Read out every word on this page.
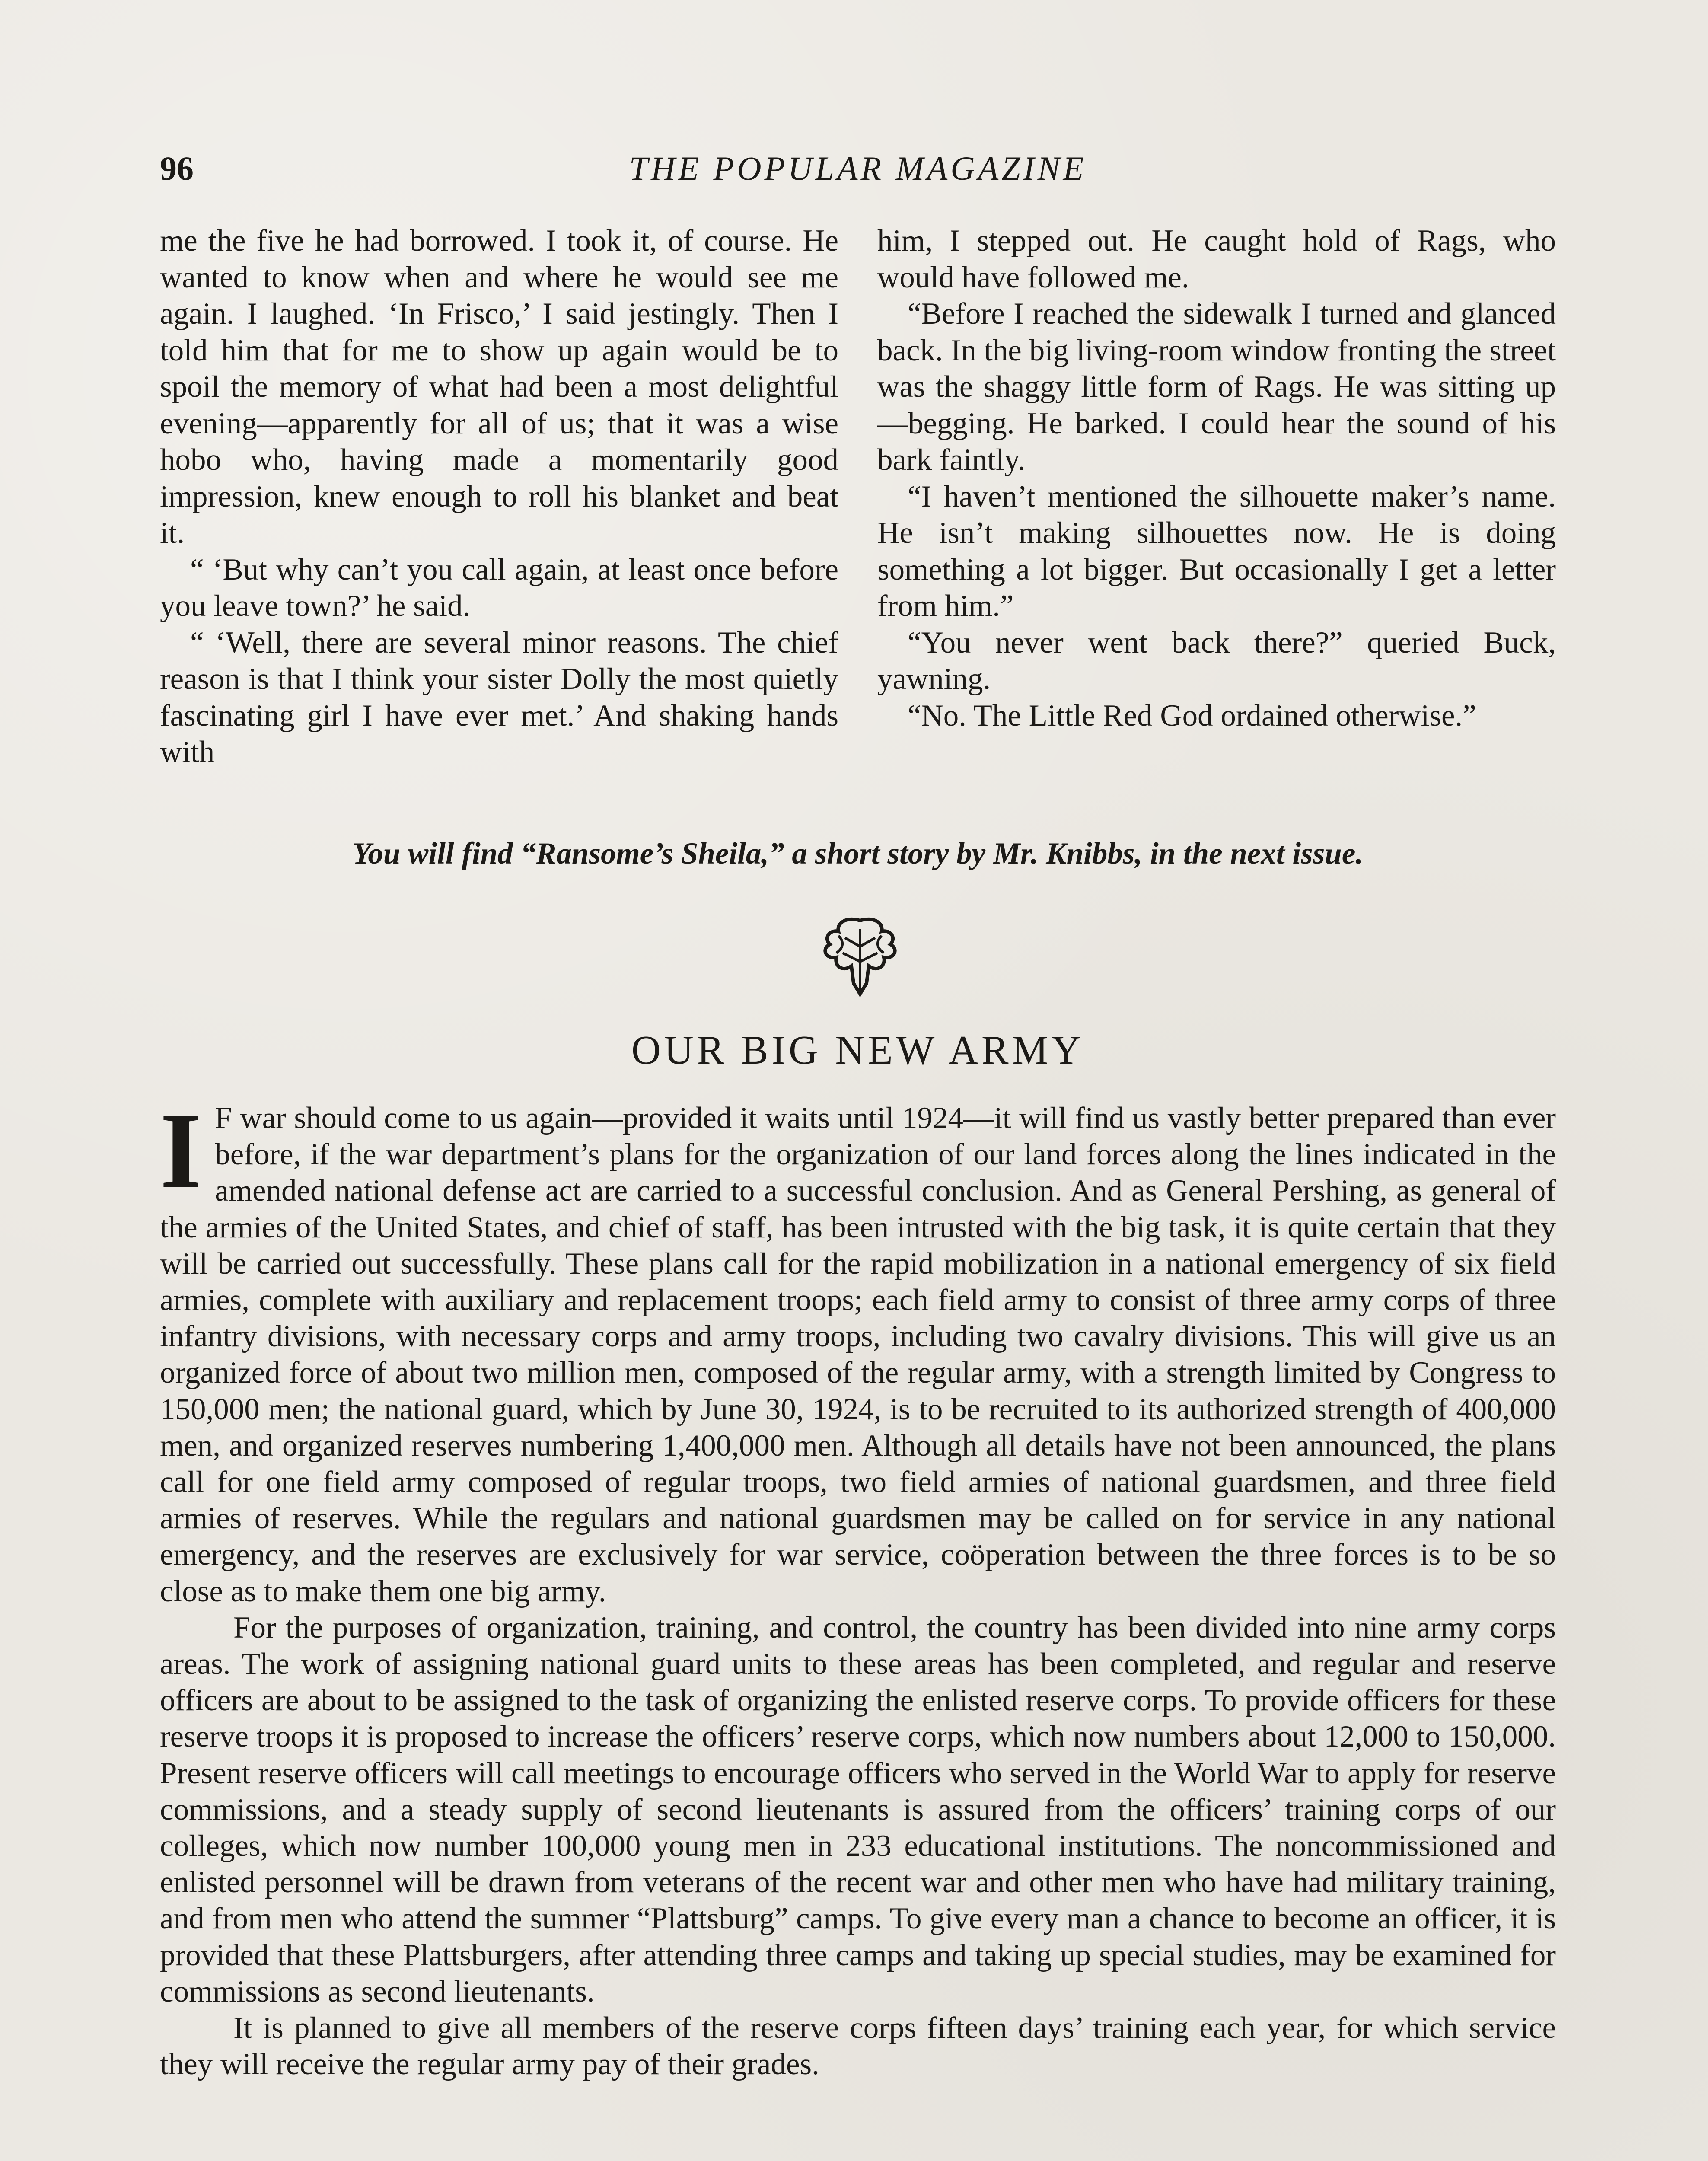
96	THE POPULAR MAGAZINE

me the five he had borrowed. I took it, of course. He wanted to know when and where he would see me again. I laughed. ‘In Frisco,’ I said jestingly. Then I told him that for me to show up again would be to spoil the memory of what had been a most delightful evening—apparently for all of us; that it was a wise hobo who, having made a momentarily good impression, knew enough to roll his blanket and beat it.

“ ‘But why can’t you call again, at least once before you leave town?’ he said.

“ ‘Well, there are several minor reasons. The chief reason is that I think your sister Dolly the most quietly fascinating girl I have ever met.’ And shaking hands with

him, I stepped out. He caught hold of Rags, who would have followed me.

“Before I reached the sidewalk I turned and glanced back. In the big living-room window fronting the street was the shaggy little form of Rags. He was sitting up—begging. He barked. I could hear the sound of his bark faintly.

“I haven’t mentioned the silhouette maker’s name. He isn’t making silhouettes now. He is doing something a lot bigger. But occasionally I get a letter from him.”

“You never went back there?” queried Buck, yawning.

“No. The Little Red God ordained otherwise.”

You will find “Ransome’s Sheila,” a short story by Mr. Knibbs, in the next issue.
OUR BIG NEW ARMY

I F war should come to us again—provided it waits until 1924—it will find us vastly better prepared than ever before, if the war department’s plans for the organization of our land forces along the lines indicated in the amended national defense act are carried to a successful conclusion. And as General Pershing, as general of the armies of the United States, and chief of staff, has been intrusted with the big task, it is quite certain that they will be carried out successfully. These plans call for the rapid mobilization in a national emergency of six field armies, complete with auxiliary and replacement troops; each field army to consist of three army corps of three infantry divisions, with necessary corps and army troops, including two cavalry divisions. This will give us an organized force of about two million men, composed of the regular army, with a strength limited by Congress to 150,000 men; the national guard, which by June 30, 1924, is to be recruited to its authorized strength of 400,000 men, and organized reserves numbering 1,400,000 men. Although all details have not been announced, the plans call for one field army composed of regular troops, two field armies of national guardsmen, and three field armies of reserves. While the regulars and national guardsmen may be called on for service in any national emergency, and the reserves are exclusively for war service, coöperation between the three forces is to be so close as to make them one big army.

For the purposes of organization, training, and control, the country has been divided into nine army corps areas. The work of assigning national guard units to these areas has been completed, and regular and reserve officers are about to be assigned to the task of organizing the enlisted reserve corps. To provide officers for these reserve troops it is proposed to increase the officers’ reserve corps, which now numbers about 12,000 to 150,000. Present reserve officers will call meetings to encourage officers who served in the World War to apply for reserve commissions, and a steady supply of second lieutenants is assured from the officers’ training corps of our colleges, which now number 100,000 young men in 233 educational institutions. The noncommissioned and enlisted personnel will be drawn from veterans of the recent war and other men who have had military training, and from men who attend the summer “Plattsburg” camps. To give every man a chance to become an officer, it is provided that these Plattsburgers, after attending three camps and taking up special studies, may be examined for commissions as second lieutenants.

It is planned to give all members of the reserve corps fifteen days’ training each year, for which service they will receive the regular army pay of their grades.
